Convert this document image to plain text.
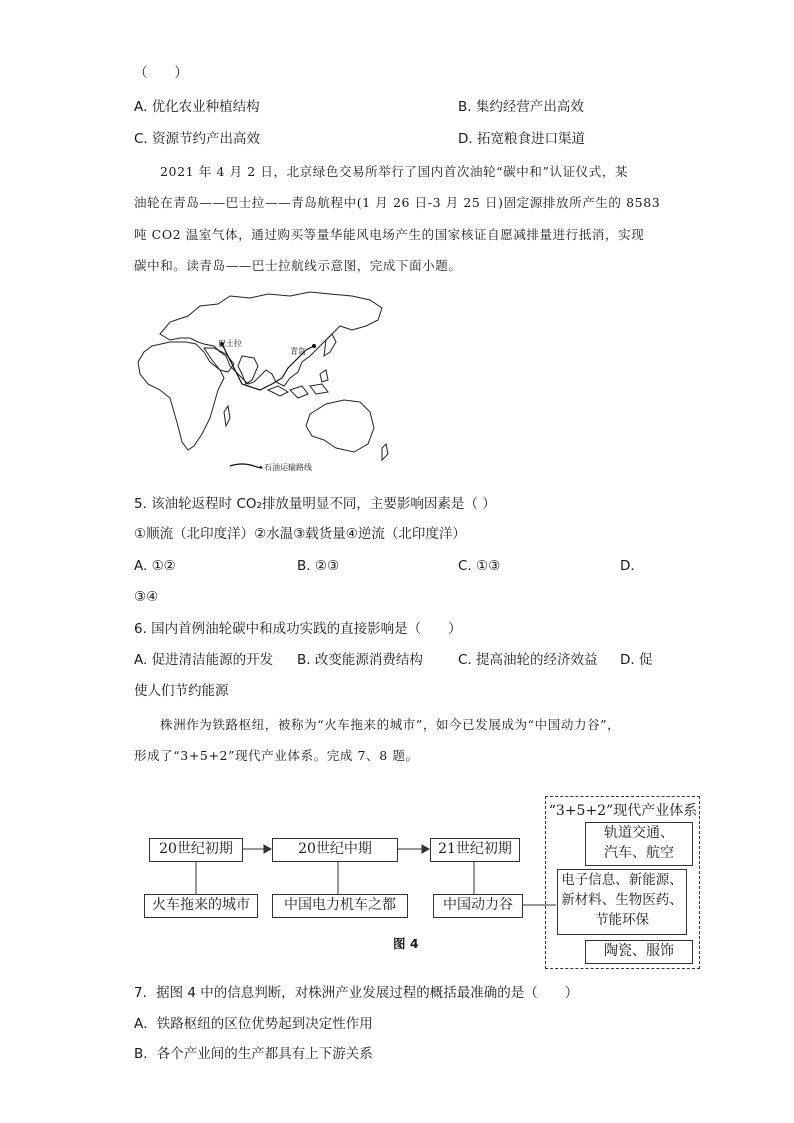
（　　）
A. 优化农业种植结构	B. 集约经营产出高效
C. 资源节约产出高效	D. 拓宽粮食进口渠道
2021 年 4 月 2 日，北京绿色交易所举行了国内首次油轮“碳中和”认证仪式，某
油轮在青岛——巴士拉——青岛航程中(1 月 26 日-3 月 25 日)固定源排放所产生的 8583
吨 CO2 温室气体，通过购买等量华能风电场产生的国家核证自愿减排量进行抵消，实现
碳中和。读青岛——巴士拉航线示意图，完成下面小题。
巴士拉
青岛
石油运输路线
5. 该油轮返程时 CO₂排放量明显不同，主要影响因素是（ ）
①顺流（北印度洋）②水温③载货量④逆流（北印度洋）
A. ①②	B. ②③	C. ①③	D.
③④
6. 国内首例油轮碳中和成功实践的直接影响是（　　）
A. 促进清洁能源的开发 B. 改变能源消费结构	C. 提高油轮的经济效益 D. 促
使人们节约能源
株洲作为铁路枢纽，被称为“火车拖来的城市”，如今已发展成为“中国动力谷”，
形成了“3+5+2”现代产业体系。完成 7、8 题。
20世纪初期	20世纪中期	21世纪初期
火车拖来的城市	中国电力机车之都	中国动力谷
“3+5+2”现代产业体系
轨道交通、
汽车、航空
电子信息、新能源、
新材料、生物医药、
节能环保
陶瓷、服饰
图 4
7．据图 4 中的信息判断，对株洲产业发展过程的概括最准确的是（　　）
A．铁路枢纽的区位优势起到决定性作用
B．各个产业间的生产都具有上下游关系
